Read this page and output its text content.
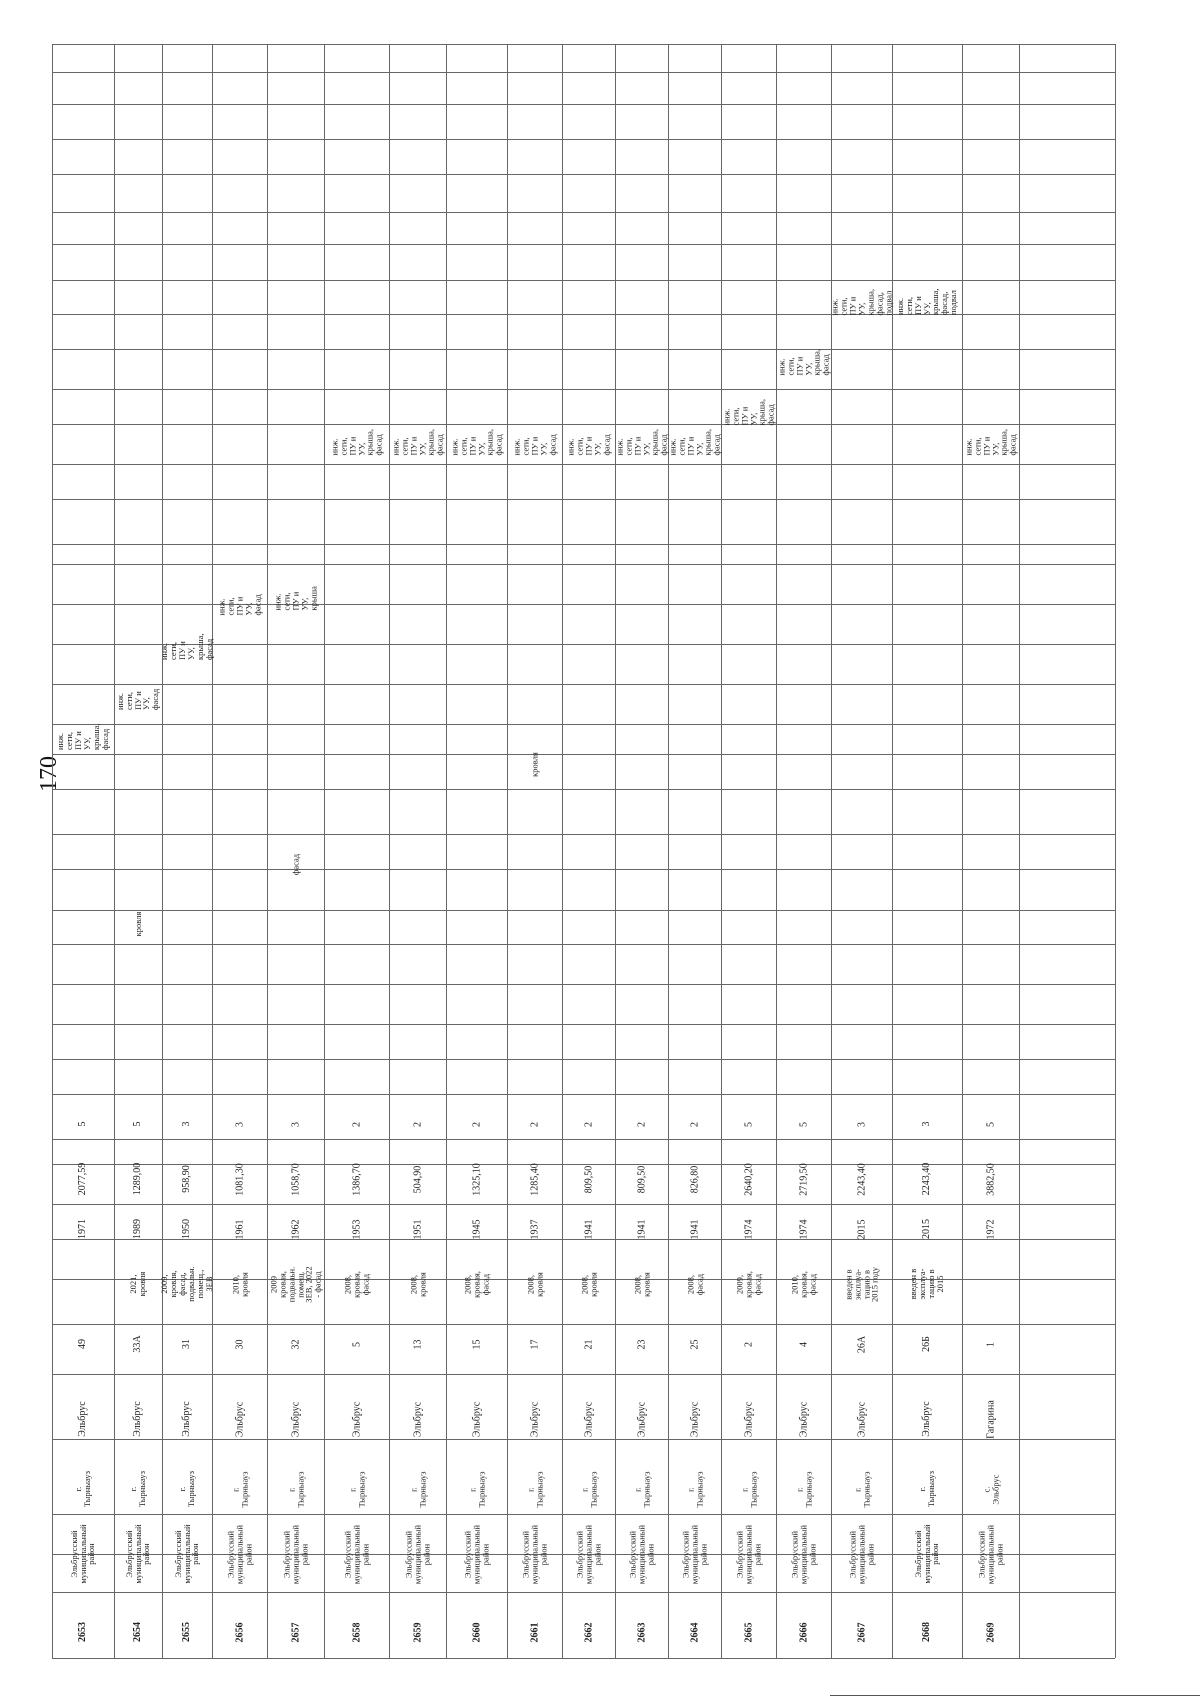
170
2653
Эльбрусский
муниципальный
район
г.
Тырныауз
Эльбрус
49
1971
2077,59
5
инж.
сети,
ПУ и
УУ,
крыша,
фасад
2654
Эльбрусский
муниципальный
район
г.
Тырныауз
Эльбрус
33А
2021,
кровля
1989
1289,00
5
кровля
инж.
сети,
ПУ и
УУ,
фасад
2655
Эльбрусский
муниципальный
район
г.
Тырныауз
Эльбрус
31
2009,
кровля,
фасад,
подвальн.
помещ.,
ЗЕВ
1950
958,90
3
инж.
сети,
ПУ и
УУ,
крыша,
фасад
2656
Эльбрусский
муниципальный
район
г.
Тырныауз
Эльбрус
30
2010,
кровля
1961
1081,30
3
инж.
сети,
ПУ и
УУ,
фасад
2657
Эльбрусский
муниципальный
район
г.
Тырныауз
Эльбрус
32
2009
кровля,
подвальн.
помещ.
ЗЕВ, 2022
- фасад
1962
1058,70
3
фасад
инж.
сети,
ПУ и
УУ,
крыша
2658
Эльбрусский
муниципальный
район
г.
Тырныауз
Эльбрус
5
2008,
кровля,
фасад
1953
1386,70
2
инж.
сети,
ПУ и
УУ,
крыша,
фасад
2659
Эльбрусский
муниципальный
район
г.
Тырныауз
Эльбрус
13
2008,
кровля
1951
504,90
2
инж.
сети,
ПУ и
УУ,
крыша,
фасад
2660
Эльбрусский
муниципальный
район
г.
Тырныауз
Эльбрус
15
2008,
кровля,
фасад
1945
1325,10
2
инж.
сети,
ПУ и
УУ,
крыша,
фасад
2661
Эльбрусский
муниципальный
район
г.
Тырныауз
Эльбрус
17
2008,
кровля
1937
1285,40
2
кровля
инж.
сети,
ПУ и
УУ,
фасад
2662
Эльбрусский
муниципальный
район
г.
Тырныауз
Эльбрус
21
2008,
кровля
1941
809,50
2
инж.
сети,
ПУ и
УУ,
фасад
2663
Эльбрусский
муниципальный
район
г.
Тырныауз
Эльбрус
23
2008,
кровля
1941
809,50
2
инж.
сети,
ПУ и
УУ,
крыша,
фасад
2664
Эльбрусский
муниципальный
район
г.
Тырныауз
Эльбрус
25
2008,
фасад
1941
826,80
2
инж.
сети,
ПУ и
УУ,
крыша,
фасад
2665
Эльбрусский
муниципальный
район
г.
Тырныауз
Эльбрус
2
2009,
кровля,
фасад
1974
2640,20
5
инж.
сети,
ПУ и
УУ,
крыша,
фасад
2666
Эльбрусский
муниципальный
район
г.
Тырныауз
Эльбрус
4
2010,
кровля,
фасад
1974
2719,50
5
инж.
сети,
ПУ и
УУ,
крыша,
фасад
2667
Эльбрусский
муниципальный
район
г.
Тырныауз
Эльбрус
26А
введен в
эксплуа-
тацию в
2015 году
2015
2243,40
3
инж.
сети,
ПУ и
УУ,
крыша,
фасад,
подвал
2668
Эльбрусский
муниципальный
район
г.
Тырныауз
Эльбрус
26Б
введен в
эксплуа-
тацию в
2015
2015
2243,40
3
инж.
сети,
ПУ и
УУ,
крыша,
фасад,
подвал
2669
Эльбрусский
муниципальный
район
с.
Эльбрус
Гагарина
1
1972
3882,50
5
инж.
сети,
ПУ и
УУ,
крыша,
фасад
